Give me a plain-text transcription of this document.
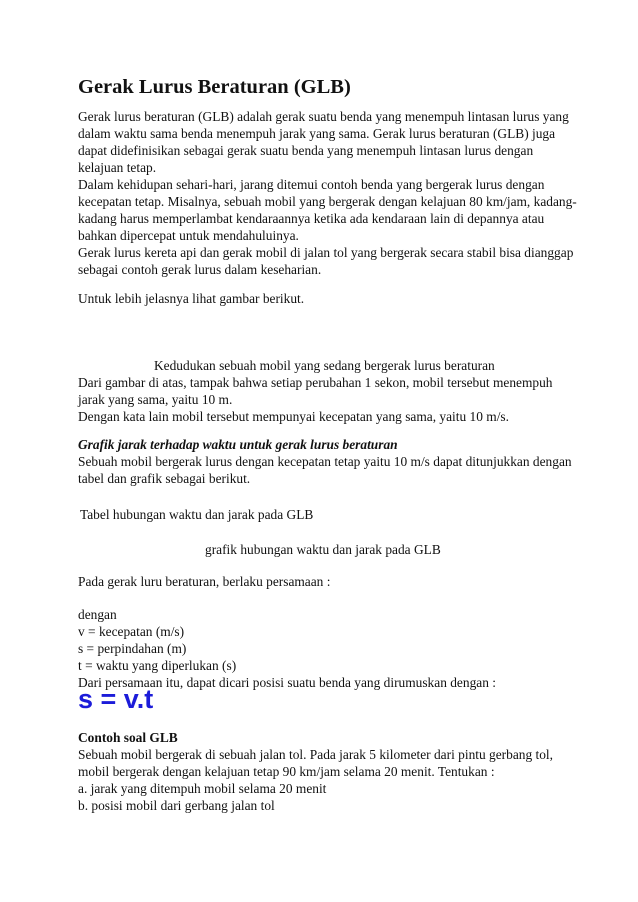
Gerak Lurus Beraturan (GLB)
Gerak lurus beraturan (GLB) adalah gerak suatu benda yang menempuh lintasan lurus yang
dalam waktu sama benda menempuh jarak yang sama. Gerak lurus beraturan (GLB) juga
dapat didefinisikan sebagai gerak suatu benda yang menempuh lintasan lurus dengan
kelajuan tetap.
Dalam kehidupan sehari-hari, jarang ditemui contoh benda yang bergerak lurus dengan
kecepatan tetap. Misalnya, sebuah mobil yang bergerak dengan kelajuan 80 km/jam, kadang-
kadang harus memperlambat kendaraannya ketika ada kendaraan lain di depannya atau
bahkan dipercepat untuk mendahuluinya.
Gerak lurus kereta api dan gerak mobil di jalan tol yang bergerak secara stabil bisa dianggap
sebagai contoh gerak lurus dalam keseharian.
Untuk lebih jelasnya lihat gambar berikut.
Kedudukan sebuah mobil yang sedang bergerak lurus beraturan
Dari gambar di atas, tampak bahwa setiap perubahan 1 sekon, mobil tersebut menempuh
jarak yang sama, yaitu 10 m.
Dengan kata lain mobil tersebut mempunyai kecepatan yang sama, yaitu 10 m/s.
Grafik jarak terhadap waktu untuk gerak lurus beraturan
Sebuah mobil bergerak lurus dengan kecepatan tetap yaitu 10 m/s dapat ditunjukkan dengan
tabel dan grafik sebagai berikut.
Tabel hubungan waktu dan jarak pada GLB
grafik hubungan waktu dan jarak pada GLB
Pada gerak luru beraturan, berlaku persamaan :
dengan
v = kecepatan (m/s)
s = perpindahan (m)
t = waktu yang diperlukan (s)
Dari persamaan itu, dapat dicari posisi suatu benda yang dirumuskan dengan :
s = v.t
Contoh soal GLB
Sebuah mobil bergerak di sebuah jalan tol. Pada jarak 5 kilometer dari pintu gerbang tol,
mobil bergerak dengan kelajuan tetap 90 km/jam selama 20 menit. Tentukan :
a. jarak yang ditempuh mobil selama 20 menit
b. posisi mobil dari gerbang jalan tol
